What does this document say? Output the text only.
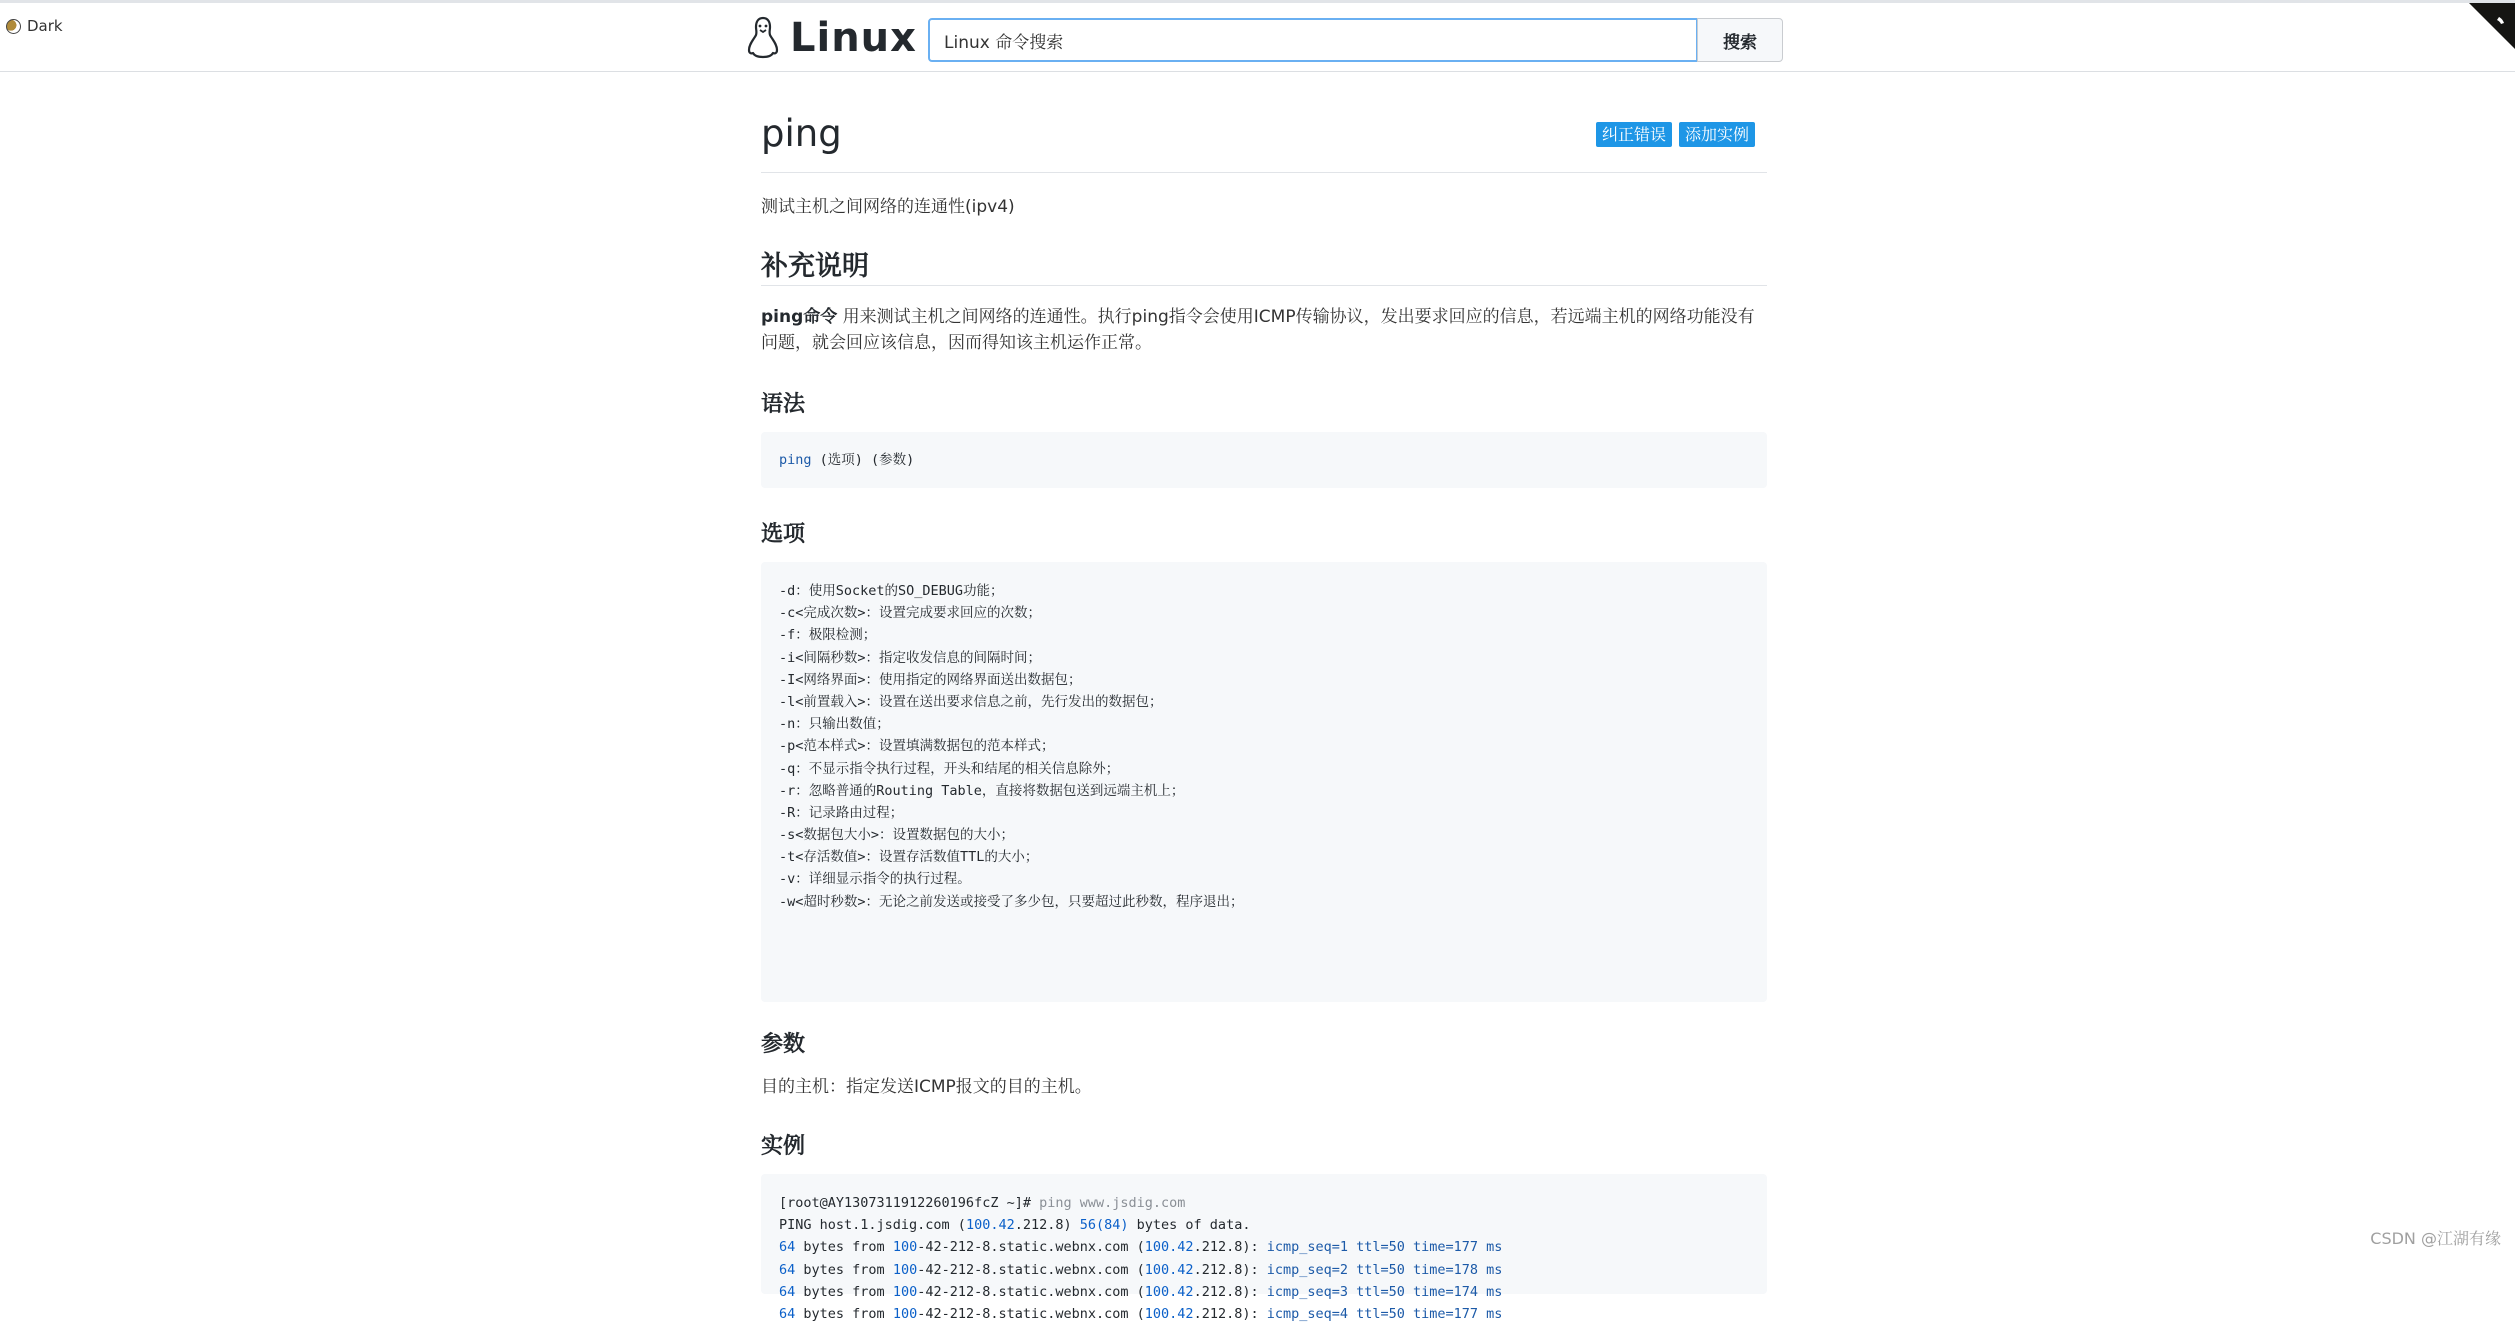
Dark	Linux
Linux 命令搜索	搜索
ping	纠正错误	添加实例
测试主机之间网络的连通性(ipv4)
补充说明
ping命令 用来测试主机之间网络的连通性。执行ping指令会使用ICMP传输协议，发出要求回应的信息，若远端主机的网络功能没有问题，就会回应该信息，因而得知该主机运作正常。
语法
ping (选项) (参数)
选项
-d：使用Socket的SO_DEBUG功能；
-c<完成次数>：设置完成要求回应的次数；
-f：极限检测；
-i<间隔秒数>：指定收发信息的间隔时间；
-I<网络界面>：使用指定的网络界面送出数据包；
-l<前置载入>：设置在送出要求信息之前，先行发出的数据包；
-n：只输出数值；
-p<范本样式>：设置填满数据包的范本样式；
-q：不显示指令执行过程，开头和结尾的相关信息除外；
-r：忽略普通的Routing Table，直接将数据包送到远端主机上；
-R：记录路由过程；
-s<数据包大小>：设置数据包的大小；
-t<存活数值>：设置存活数值TTL的大小；
-v：详细显示指令的执行过程。
-w<超时秒数>：无论之前发送或接受了多少包，只要超过此秒数，程序退出；
参数
目的主机：指定发送ICMP报文的目的主机。
实例
[root@AY1307311912260196fcZ ~]# ping www.jsdig.com
PING host.1.jsdig.com (100.42.212.8) 56(84) bytes of data.
64 bytes from 100-42-212-8.static.webnx.com (100.42.212.8): icmp_seq=1 ttl=50 time=177 ms
64 bytes from 100-42-212-8.static.webnx.com (100.42.212.8): icmp_seq=2 ttl=50 time=178 ms
64 bytes from 100-42-212-8.static.webnx.com (100.42.212.8): icmp_seq=3 ttl=50 time=174 ms
64 bytes from 100-42-212-8.static.webnx.com (100.42.212.8): icmp_seq=4 ttl=50 time=177 ms
CSDN @江湖有缘
